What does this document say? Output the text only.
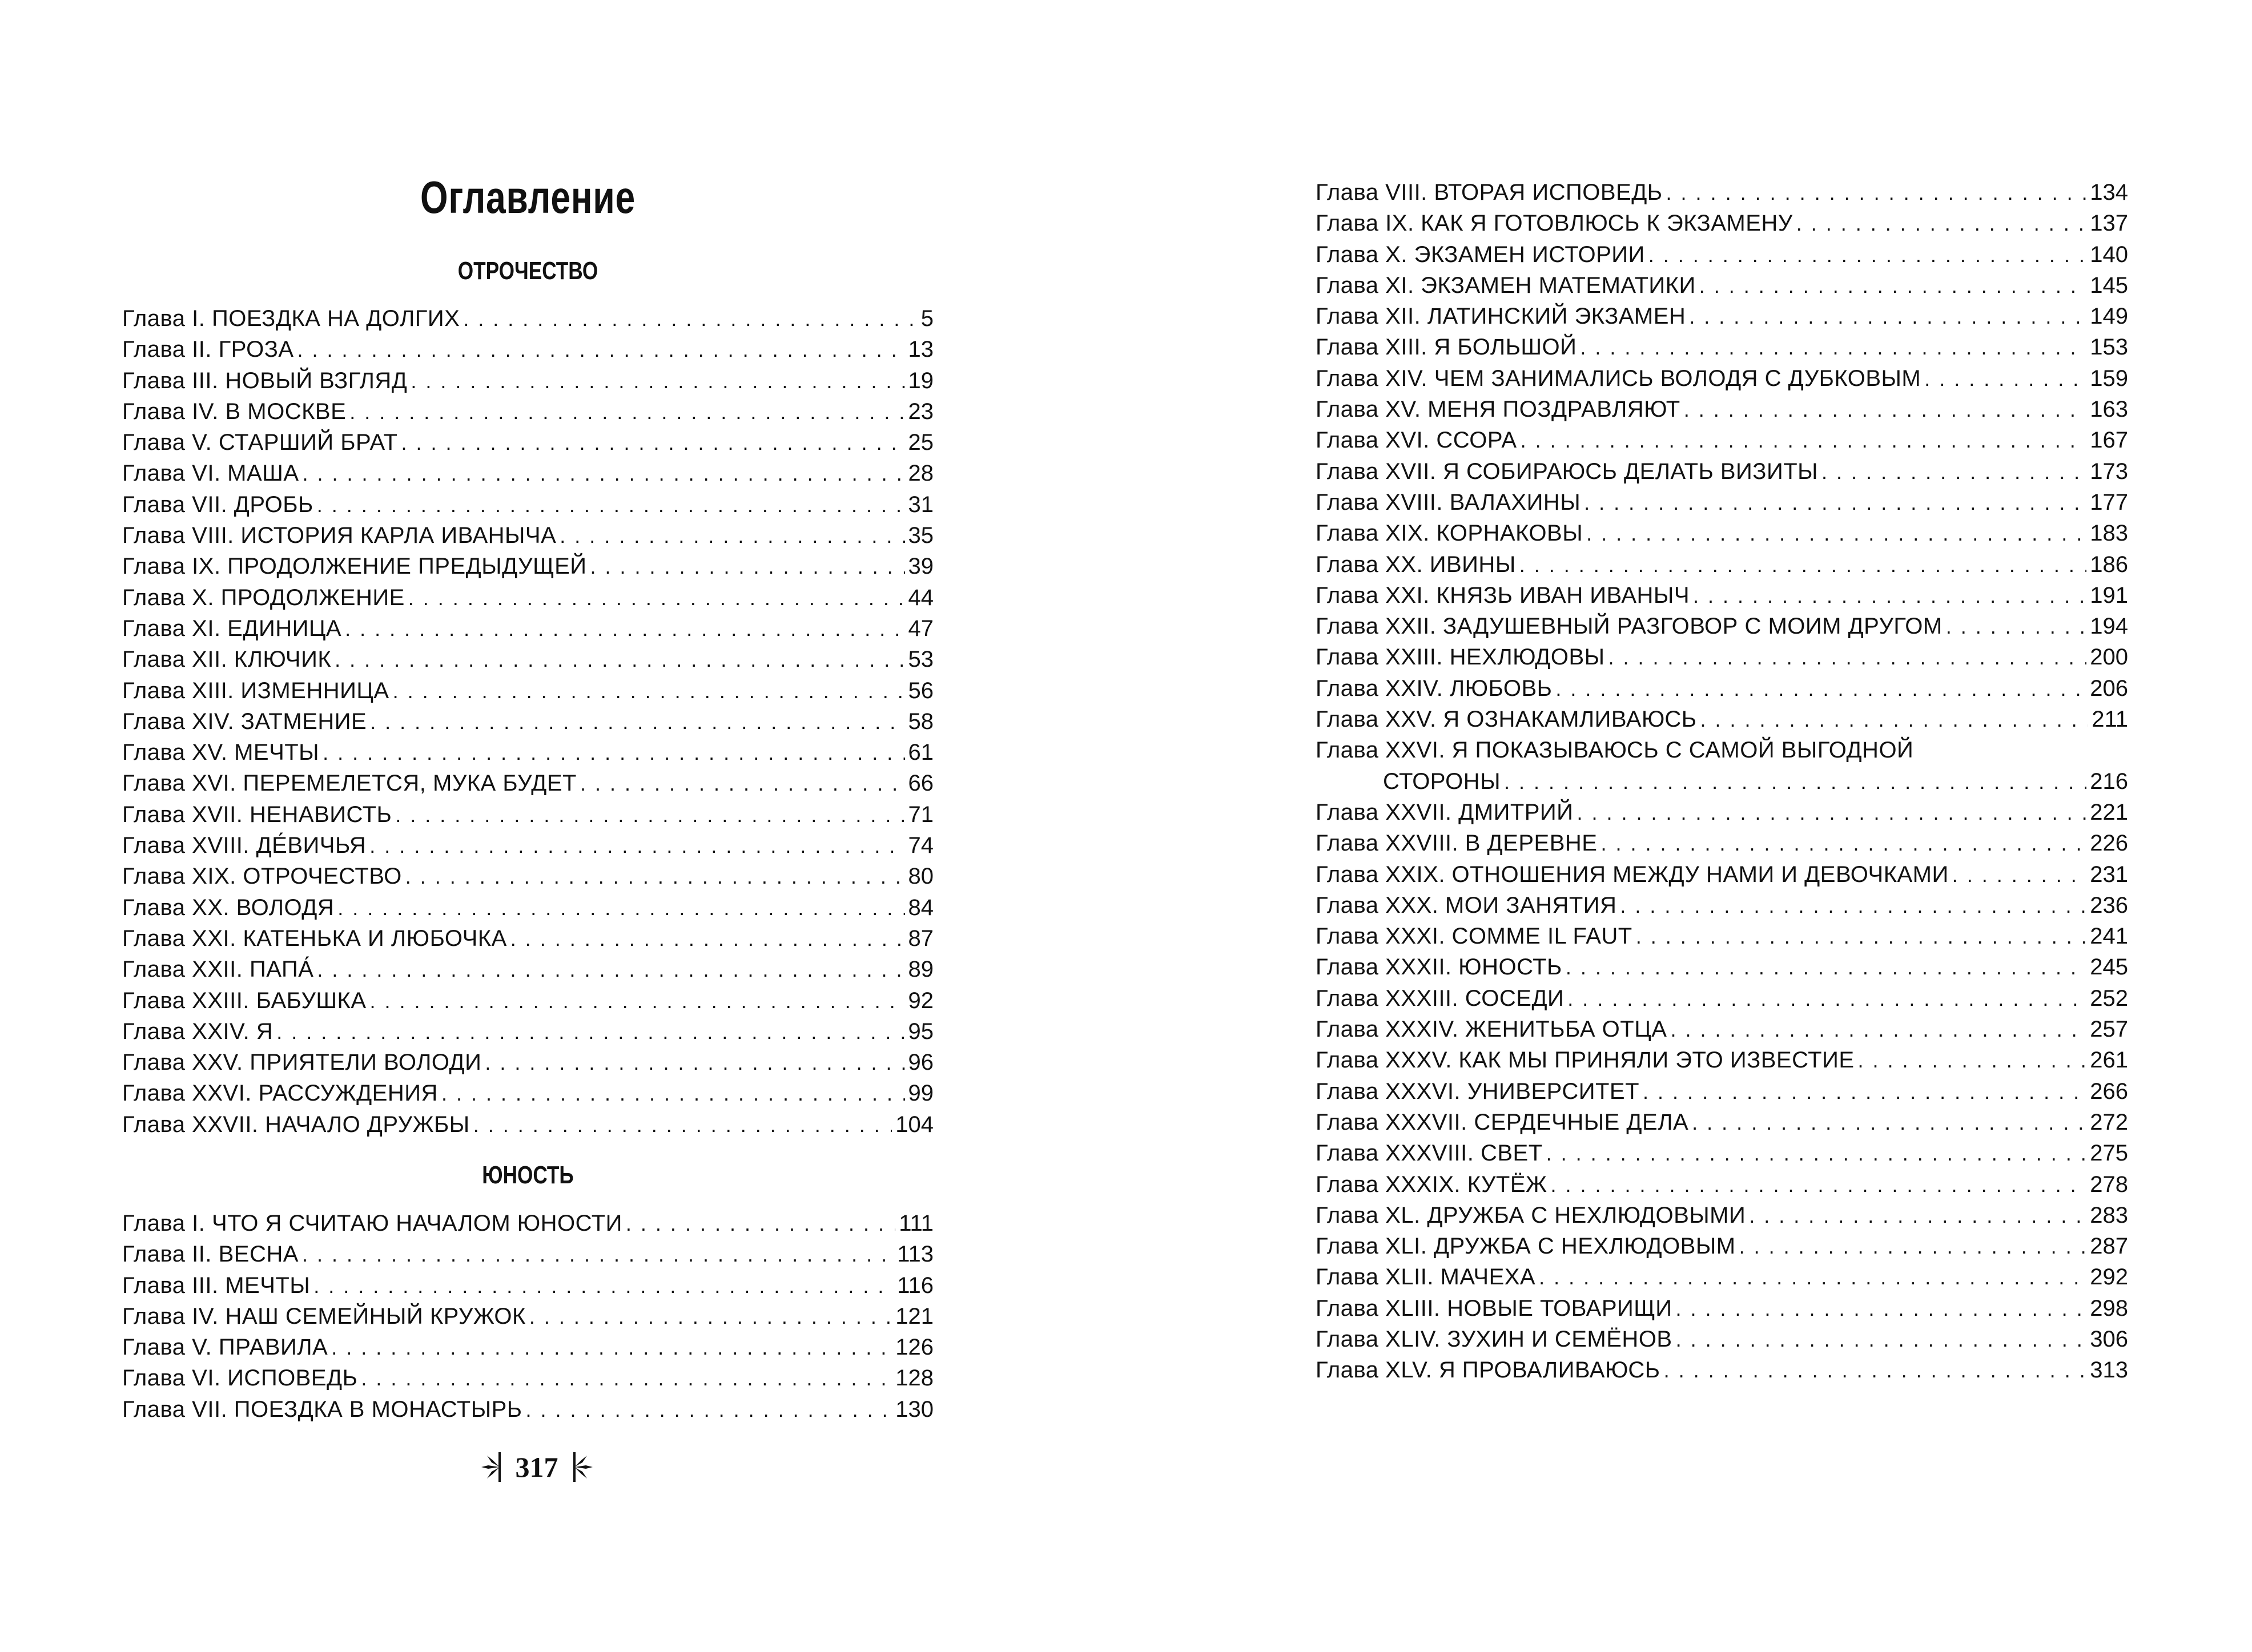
Оглавление
ОТРОЧЕСТВО
Глава I. ПОЕЗДКА НА ДОЛГИХ . . .	5
Глава II. ГРОЗА . . .	13
Глава III. НОВЫЙ ВЗГЛЯД . . .	19
Глава IV. В МОСКВЕ . . .	23
Глава V. СТАРШИЙ БРАТ . . .	25
Глава VI. МАША . . .	28
Глава VII. ДРОБЬ . . .	31
Глава VIII. ИСТОРИЯ КАРЛА ИВАНЫЧА . . .	35
Глава IX. ПРОДОЛЖЕНИЕ ПРЕДЫДУЩЕЙ . . .	39
Глава X. ПРОДОЛЖЕНИЕ . . .	44
Глава XI. ЕДИНИЦА . . .	47
Глава XII. КЛЮЧИК . . .	53
Глава XIII. ИЗМЕННИЦА . . .	56
Глава XIV. ЗАТМЕНИЕ . . .	58
Глава XV. МЕЧТЫ . . .	61
Глава XVI. ПЕРЕМЕЛЕТСЯ, МУКА БУДЕТ . . .	66
Глава XVII. НЕНАВИСТЬ . . .	71
Глава XVIII. ДЕ́ВИЧЬЯ . . .	74
Глава XIX. ОТРОЧЕСТВО . . .	80
Глава XX. ВОЛОДЯ . . .	84
Глава XXI. КАТЕНЬКА И ЛЮБОЧКА . . .	87
Глава XXII. ПАПА́ . . .	89
Глава XXIII. БАБУШКА . . .	92
Глава XXIV. Я . . .	95
Глава XXV. ПРИЯТЕЛИ ВОЛОДИ . . .	96
Глава XXVI. РАССУЖДЕНИЯ . . .	99
Глава XXVII. НАЧАЛО ДРУЖБЫ . . .	104
ЮНОСТЬ
Глава I. ЧТО Я СЧИТАЮ НАЧАЛОМ ЮНОСТИ . . .	111
Глава II. ВЕСНА . . .	113
Глава III. МЕЧТЫ . . .	116
Глава IV. НАШ СЕМЕЙНЫЙ КРУЖОК . . .	121
Глава V. ПРАВИЛА . . .	126
Глава VI. ИСПОВЕДЬ . . .	128
Глава VII. ПОЕЗДКА В МОНАСТЫРЬ . . .	130
Глава VIII. ВТОРАЯ ИСПОВЕДЬ . . .	134
Глава IX. КАК Я ГОТОВЛЮСЬ К ЭКЗАМЕНУ . . .	137
Глава X. ЭКЗАМЕН ИСТОРИИ . . .	140
Глава XI. ЭКЗАМЕН МАТЕМАТИКИ . . .	145
Глава XII. ЛАТИНСКИЙ ЭКЗАМЕН . . .	149
Глава XIII. Я БОЛЬШОЙ . . .	153
Глава XIV. ЧЕМ ЗАНИМАЛИСЬ ВОЛОДЯ С ДУБКОВЫМ . . .	159
Глава XV. МЕНЯ ПОЗДРАВЛЯЮТ . . .	163
Глава XVI. ССОРА . . .	167
Глава XVII. Я СОБИРАЮСЬ ДЕЛАТЬ ВИЗИТЫ . . .	173
Глава XVIII. ВАЛАХИНЫ . . .	177
Глава XIX. КОРНАКОВЫ . . .	183
Глава XX. ИВИНЫ . . .	186
Глава XXI. КНЯЗЬ ИВАН ИВАНЫЧ . . .	191
Глава XXII. ЗАДУШЕВНЫЙ РАЗГОВОР С МОИМ ДРУГОМ . . .	194
Глава XXIII. НЕХЛЮДОВЫ . . .	200
Глава XXIV. ЛЮБОВЬ . . .	206
Глава XXV. Я ОЗНАКАМЛИВАЮСЬ . . .	211
Глава XXVI. Я ПОКАЗЫВАЮСЬ С САМОЙ ВЫГОДНОЙ
СТОРОНЫ . . .	216
Глава XXVII. ДМИТРИЙ . . .	221
Глава XXVIII. В ДЕРЕВНЕ . . .	226
Глава XXIX. ОТНОШЕНИЯ МЕЖДУ НАМИ И ДЕВОЧКАМИ . . .	231
Глава XXX. МОИ ЗАНЯТИЯ . . .	236
Глава XXXI. COMME IL FAUT . . .	241
Глава XXXII. ЮНОСТЬ . . .	245
Глава XXXIII. СОСЕДИ . . .	252
Глава XXXIV. ЖЕНИТЬБА ОТЦА . . .	257
Глава XXXV. КАК МЫ ПРИНЯЛИ ЭТО ИЗВЕСТИЕ . . .	261
Глава XXXVI. УНИВЕРСИТЕТ . . .	266
Глава XXXVII. СЕРДЕЧНЫЕ ДЕЛА . . .	272
Глава XXXVIII. СВЕТ . . .	275
Глава XXXIX. КУТЁЖ . . .	278
Глава XL. ДРУЖБА С НЕХЛЮДОВЫМИ . . .	283
Глава XLI. ДРУЖБА С НЕХЛЮДОВЫМ . . .	287
Глава XLII. МАЧЕХА . . .	292
Глава XLIII. НОВЫЕ ТОВАРИЩИ . . .	298
Глава XLIV. ЗУХИН И СЕМЁНОВ . . .	306
Глава XLV. Я ПРОВАЛИВАЮСЬ . . .	313
317
